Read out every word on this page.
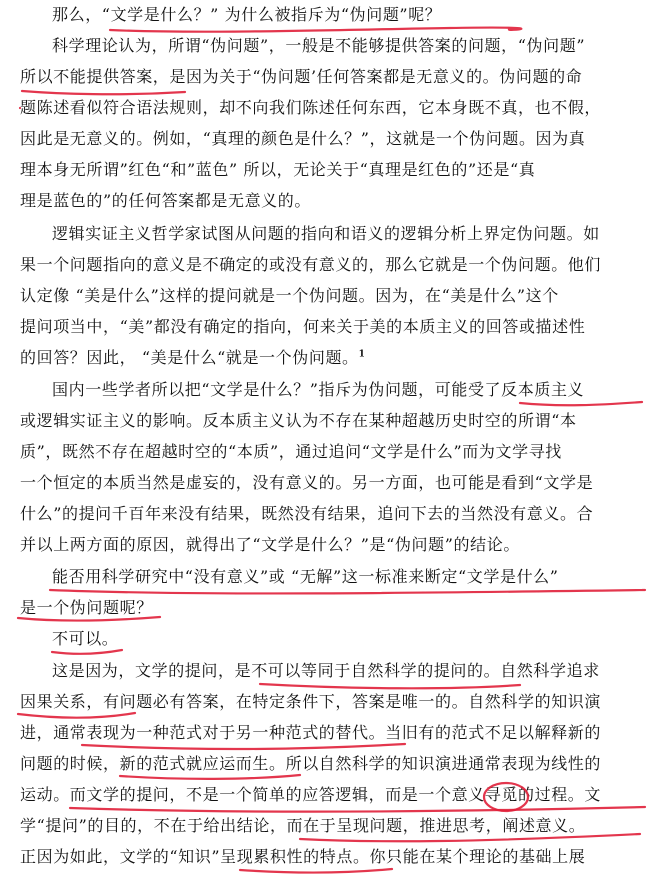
那么，“文学是什么？” 为什么被指斥为“伪问题”呢？
科学理论认为，所谓“伪问题”，一般是不能够提供答案的问题，“伪问题”
所以不能提供答案，是因为关于“伪问题’任何答案都是无意义的。伪问题的命
题陈述看似符合语法规则，却不向我们陈述任何东西，它本身既不真，也不假，
因此是无意义的。例如，“真理的颜色是什么？”，这就是一个伪问题。因为真
理本身无所谓”红色“和”蓝色” 所以，无论关于“真理是红色的”还是“真
理是蓝色的”的任何答案都是无意义的。
逻辑实证主义哲学家试图从问题的指向和语义的逻辑分析上界定伪问题。如
果一个问题指向的意义是不确定的或没有意义的，那么它就是一个伪问题。他们
认定像 “美是什么”这样的提问就是一个伪问题。因为，在“美是什么”这个
提问项当中，“美”都没有确定的指向，何来关于美的本质主义的回答或描述性
的回答？因此， “美是什么“就是一个伪问题。$^1$
国内一些学者所以把“文学是什么？”指斥为伪问题，可能受了反本质主义
或逻辑实证主义的影响。反本质主义认为不存在某种超越历史时空的所谓“本
质”，既然不存在超越时空的“本质”，通过追问“文学是什么”而为文学寻找
一个恒定的本质当然是虚妄的，没有意义的。另一方面，也可能是看到“文学是
什么”的提问千百年来没有结果，既然没有结果，追问下去的当然没有意义。合
并以上两方面的原因，就得出了“文学是什么？”是“伪问题”的结论。
能否用科学研究中“没有意义”或 “无解”这一标准来断定“文学是什么”
是一个伪问题呢？
不可以。
这是因为，文学的提问，是不可以等同于自然科学的提问的。自然科学追求
因果关系，有问题必有答案，在特定条件下，答案是唯一的。自然科学的知识演
进，通常表现为一种范式对于另一种范式的替代。当旧有的范式不足以解释新的
问题的时候，新的范式就应运而生。所以自然科学的知识演进通常表现为线性的
运动。而文学的提问，不是一个简单的应答逻辑，而是一个意义寻觅的过程。文
学“提问”的目的，不在于给出结论，而在于呈现问题，推进思考，阐述意义。
正因为如此，文学的“知识”呈现累积性的特点。你只能在某个理论的基础上展
